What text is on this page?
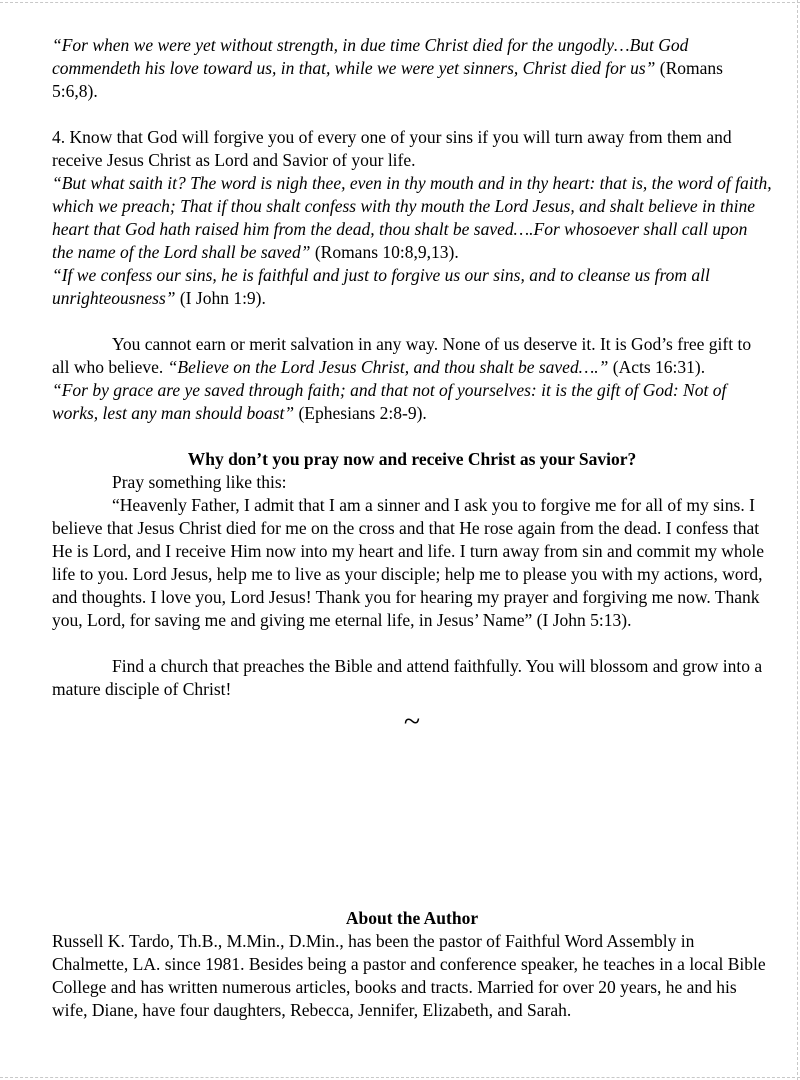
“For when we were yet without strength, in due time Christ died for the ungodly…But God commendeth his love toward us, in that, while we were yet sinners, Christ died for us” (Romans 5:6,8).

4. Know that God will forgive you of every one of your sins if you will turn away from them and receive Jesus Christ as Lord and Savior of your life.

“But what saith it? The word is nigh thee, even in thy mouth and in thy heart: that is, the word of faith, which we preach; That if thou shalt confess with thy mouth the Lord Jesus, and shalt believe in thine heart that God hath raised him from the dead, thou shalt be saved….For whosoever shall call upon the name of the Lord shall be saved” (Romans 10:8,9,13).

“If we confess our sins, he is faithful and just to forgive us our sins, and to cleanse us from all unrighteousness” (I John 1:9).

You cannot earn or merit salvation in any way. None of us deserve it. It is God’s free gift to all who believe. “Believe on the Lord Jesus Christ, and thou shalt be saved….” (Acts 16:31).

“For by grace are ye saved through faith; and that not of yourselves: it is the gift of God: Not of works, lest any man should boast” (Ephesians 2:8-9).

Why don’t you pray now and receive Christ as your Savior?

Pray something like this:

“Heavenly Father, I admit that I am a sinner and I ask you to forgive me for all of my sins. I believe that Jesus Christ died for me on the cross and that He rose again from the dead. I confess that He is Lord, and I receive Him now into my heart and life. I turn away from sin and commit my whole life to you. Lord Jesus, help me to live as your disciple; help me to please you with my actions, word, and thoughts. I love you, Lord Jesus! Thank you for hearing my prayer and forgiving me now. Thank you, Lord, for saving me and giving me eternal life, in Jesus’ Name” (I John 5:13).

Find a church that preaches the Bible and attend faithfully. You will blossom and grow into a mature disciple of Christ!

~

About the Author

Russell K. Tardo, Th.B., M.Min., D.Min., has been the pastor of Faithful Word Assembly in Chalmette, LA. since 1981. Besides being a pastor and conference speaker, he teaches in a local Bible College and has written numerous articles, books and tracts. Married for over 20 years, he and his wife, Diane, have four daughters, Rebecca, Jennifer, Elizabeth, and Sarah.
